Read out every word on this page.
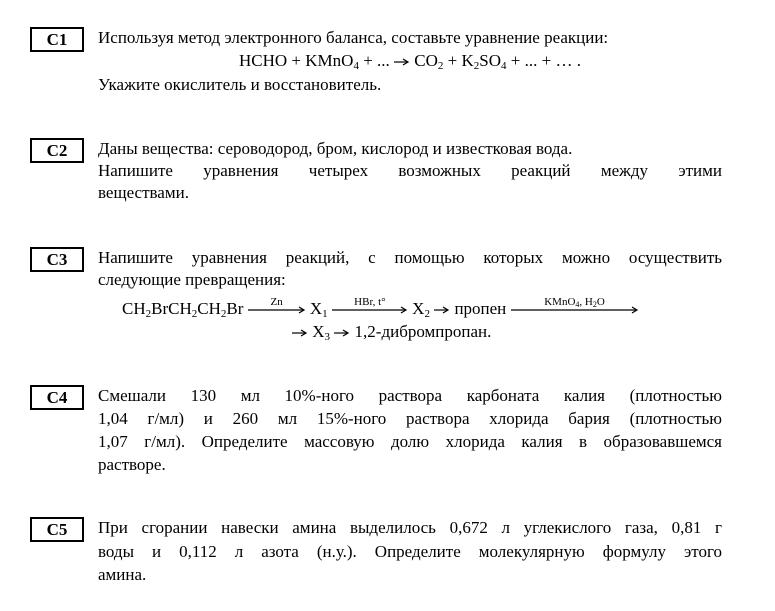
C1	Используя метод электронного баланса, составьте уравнение реакции:
HCHO + KMnO$_4$ + ... → $CO_2 + K_2SO_4$ + ... + … .
Укажите окислитель и восстановитель.
C2	Даны вещества: сероводород, бром, кислород и известковая вода.
Напишите уравнения четырех возможных реакций между этими
веществами.
C3	Напишите уравнения реакций, с помощью которых можно осуществить
следующие превращения:
$CH_2BrCH_2CH_2Br$	Zn	$X_1$
HBr, t°	$X_2$ → пропен	KMnO$_4$, $H_2O$
→ $X_3$ → 1,2-дибромпропан.
C4	Смешали 130 мл 10%-ного раствора карбоната калия (плотностью
1,04 г/мл) и 260 мл 15%-ного раствора хлорида бария (плотностью
1,07 г/мл). Определите массовую долю хлорида калия в образовавшемся
растворе.
C5	При сгорании навески амина выделилось 0,672 л углекислого газа, 0,81 г
воды и 0,112 л азота (н.у.). Определите молекулярную формулу этого
амина.
